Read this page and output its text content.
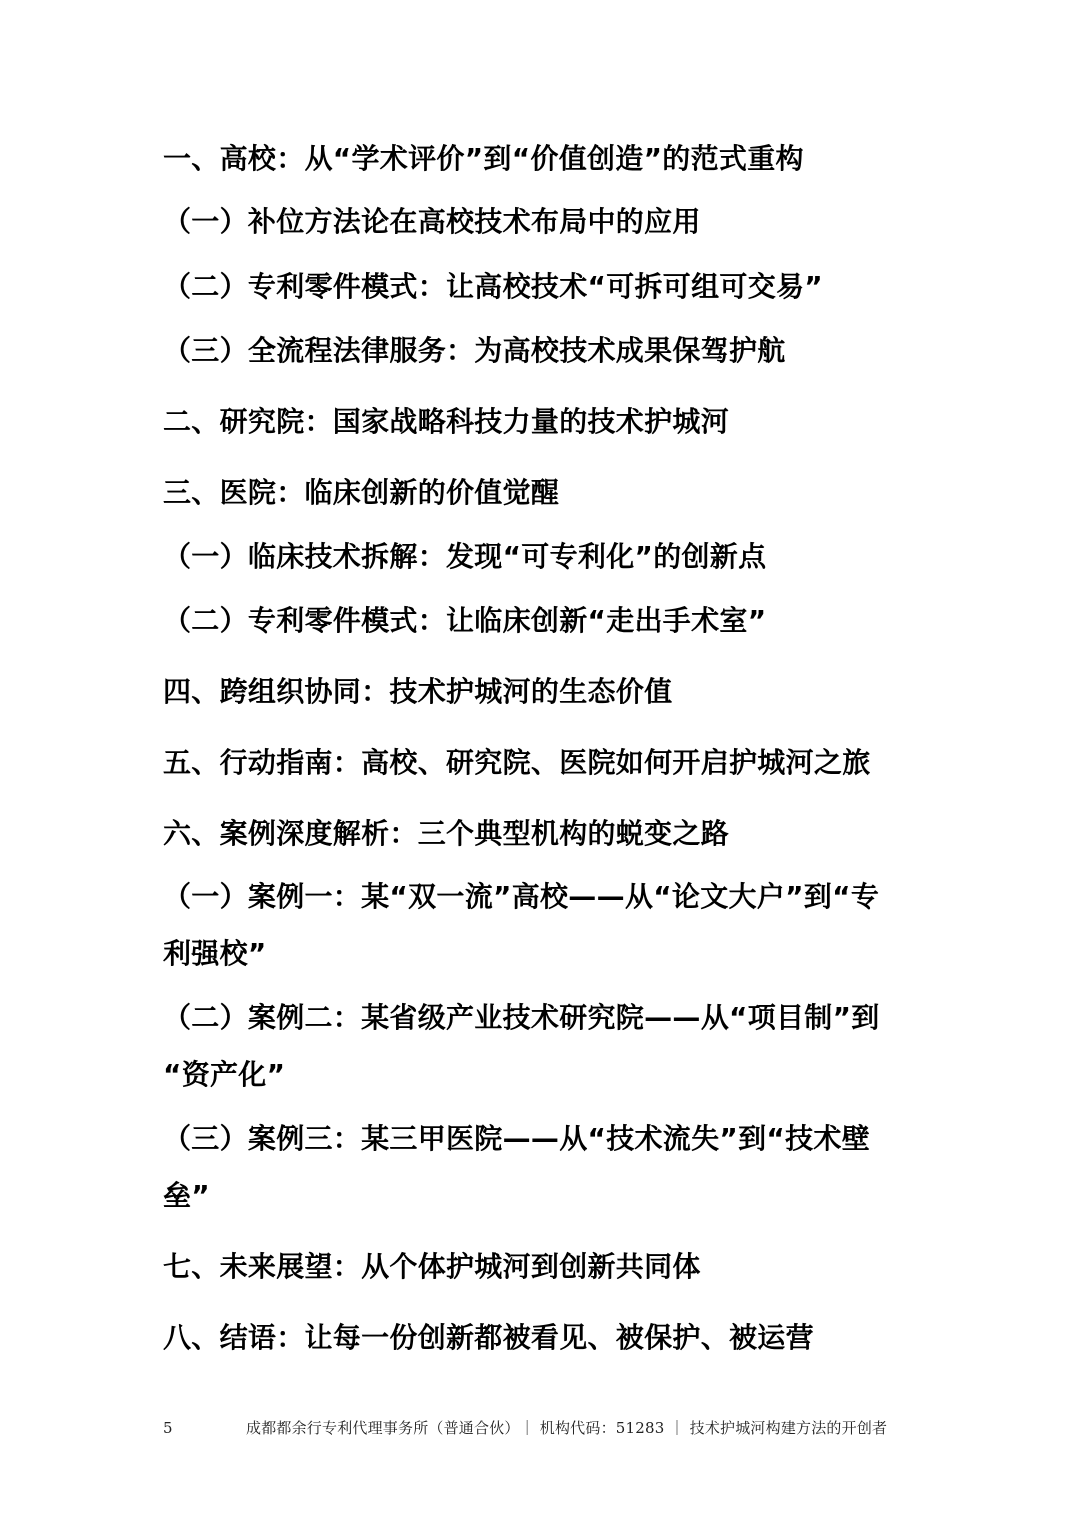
一、高校：从“学术评价”到“价值创造”的范式重构
（一）补位方法论在高校技术布局中的应用
（二）专利零件模式：让高校技术“可拆可组可交易”
（三）全流程法律服务：为高校技术成果保驾护航
二、研究院：国家战略科技力量的技术护城河
三、医院：临床创新的价值觉醒
（一）临床技术拆解：发现“可专利化”的创新点
（二）专利零件模式：让临床创新“走出手术室”
四、跨组织协同：技术护城河的生态价值
五、行动指南：高校、研究院、医院如何开启护城河之旅
六、案例深度解析：三个典型机构的蜕变之路
（一）案例一：某“双一流”高校——从“论文大户”到“专
利强校”
（二）案例二：某省级产业技术研究院——从“项目制”到
“资产化”
（三）案例三：某三甲医院——从“技术流失”到“技术壁
垒”
七、未来展望：从个体护城河到创新共同体
八、结语：让每一份创新都被看见、被保护、被运营
5	成都都余行专利代理事务所（普通合伙）｜ 机构代码：51283 ｜ 技术护城河构建方法的开创者
